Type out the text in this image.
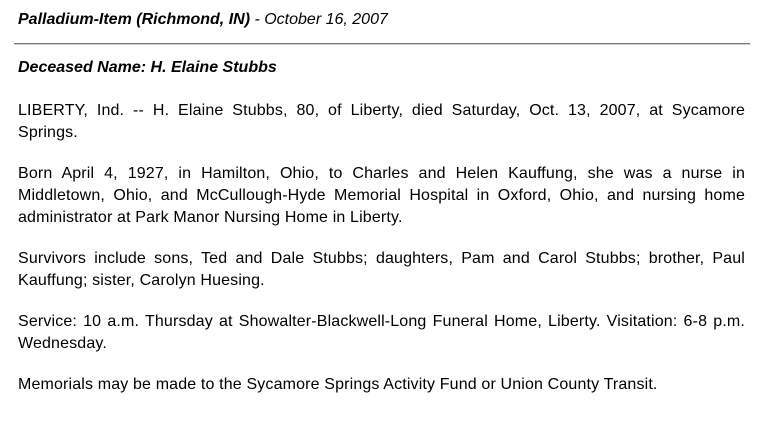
Palladium-Item (Richmond, IN) - October 16, 2007
Deceased Name: H. Elaine Stubbs

LIBERTY, Ind. -- H. Elaine Stubbs, 80, of Liberty, died Saturday, Oct. 13, 2007, at Sycamore Springs.

Born April 4, 1927, in Hamilton, Ohio, to Charles and Helen Kauffung, she was a nurse in Middletown, Ohio, and McCullough-Hyde Memorial Hospital in Oxford, Ohio, and nursing home administrator at Park Manor Nursing Home in Liberty.

Survivors include sons, Ted and Dale Stubbs; daughters, Pam and Carol Stubbs; brother, Paul Kauffung; sister, Carolyn Huesing.

Service: 10 a.m. Thursday at Showalter-Blackwell-Long Funeral Home, Liberty. Visitation: 6-8 p.m. Wednesday.

Memorials may be made to the Sycamore Springs Activity Fund or Union County Transit.
